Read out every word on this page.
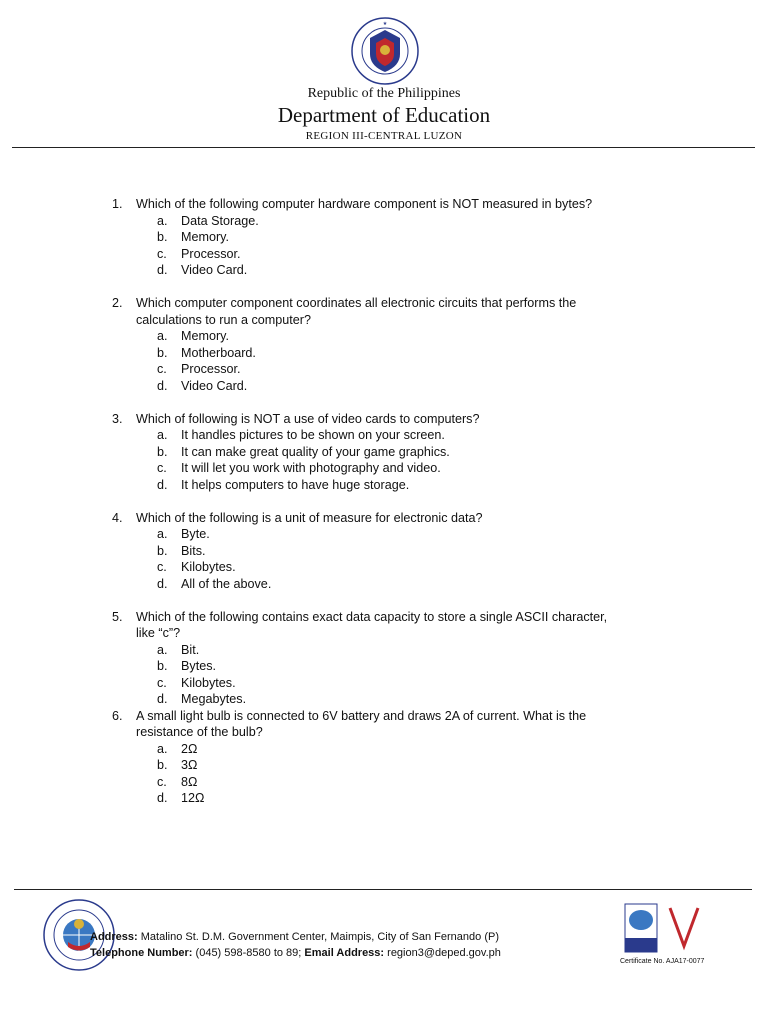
★
Republic of the Philippines
Department of Education
REGION III-CENTRAL LUZON
1. Which of the following computer hardware component is NOT measured in bytes?
a. Data Storage.
b. Memory.
c. Processor.
d. Video Card.
2. Which computer component coordinates all electronic circuits that performs the
calculations to run a computer?
a. Memory.
b. Motherboard.
c. Processor.
d. Video Card.
3. Which of following is NOT a use of video cards to computers?
a. It handles pictures to be shown on your screen.
b. It can make great quality of your game graphics.
c. It will let you work with photography and video.
d. It helps computers to have huge storage.
4. Which of the following is a unit of measure for electronic data?
a. Byte.
b. Bits.
c. Kilobytes.
d. All of the above.
5. Which of the following contains exact data capacity to store a single ASCII character,
like “c”?
a. Bit.
b. Bytes.
c. Kilobytes.
d. Megabytes.
6. A small light bulb is connected to 6V battery and draws 2A of current. What is the
resistance of the bulb?
a. 2Ω
b. 3Ω
c. 8Ω
d. 12Ω
Address: Matalino St. D.M. Government Center, Maimpis, City of San Fernando (P)
Telephone Number: (045) 598-8580 to 89; Email Address: region3@deped.gov.ph
Certificate No. AJA17-0077
